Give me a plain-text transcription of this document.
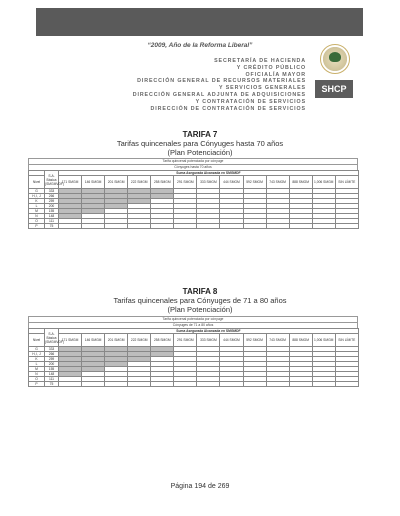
“2009, Año de la Reforma Liberal”
SHCP
SECRETARÍA DE HACIENDA
Y CRÉDITO PÚBLICO
OFICIALÍA MAYOR
DIRECCIÓN GENERAL DE RECURSOS MATERIALES
Y SERVICIOS GENERALES
DIRECCIÓN GENERAL ADJUNTA DE ADQUISICIONES
Y CONTRATACIÓN DE SERVICIOS
DIRECCIÓN DE CONTRATACIÓN DE SERVICIOS
TARIFA 7
Tarifas quincenales para Cónyuges hasta 70 años
(Plan Potenciación)
Tarifa quincenal potenciada por cónyuge
Cónyuges hasta 70 años
	S.A. Básica (SMGMVDF)	Suma Asegurada Alcanzada en SMGMDF												
Nivel		171 SMGM	146 SMGM	201 SMGM	222 SMGM	258 SMGM	291 SMGM	333 SMGM	444 SMGM	592 SMGM	743 SMGM	888 SMGM	1,006 SMGM	SIN LÍMITE
G	333													
H, I, J	266													
K	259													
L	200													
M	155													
N	148													
O	111													
P	75													
TARIFA 8
Tarifas quincenales para Cónyuges de 71 a 80 años
(Plan Potenciación)
Tarifa quincenal potenciada por cónyuge
Cónyuges de 71 a 80 años
	S.A. Básica (SMGMVDF)	Suma Asegurada Alcanzada en SMGMDF												
Nivel		171 SMGM	146 SMGM	201 SMGM	222 SMGM	258 SMGM	291 SMGM	333 SMGM	444 SMGM	592 SMGM	743 SMGM	888 SMGM	1,006 SMGM	SIN LÍMITE
G	333													
H, I, J	266													
K	259													
L	200													
M	155													
N	148													
O	111													
P	75													
Página 194 de 269
